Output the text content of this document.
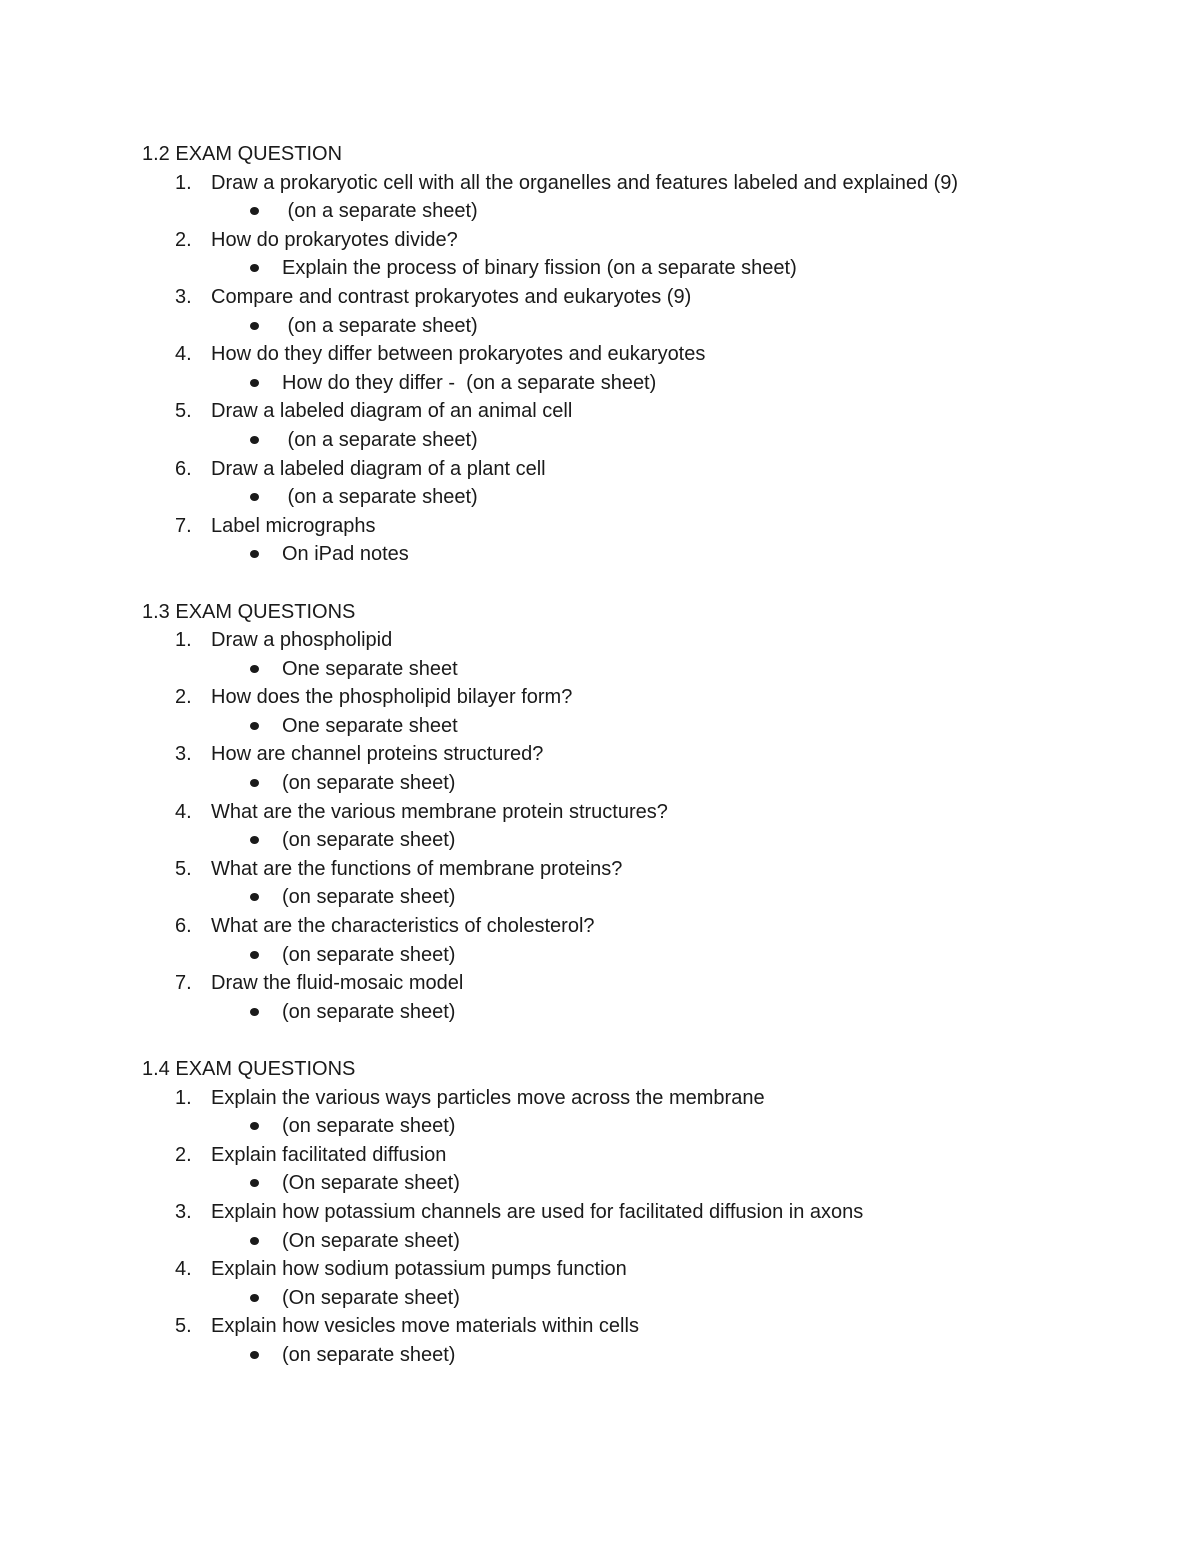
1.2 EXAM QUESTION
1. Draw a prokaryotic cell with all the organelles and features labeled and explained (9)
(on a separate sheet)
2. How do prokaryotes divide?
Explain the process of binary fission (on a separate sheet)
3. Compare and contrast prokaryotes and eukaryotes (9)
(on a separate sheet)
4. How do they differ between prokaryotes and eukaryotes
How do they differ -  (on a separate sheet)
5. Draw a labeled diagram of an animal cell
(on a separate sheet)
6. Draw a labeled diagram of a plant cell
(on a separate sheet)
7. Label micrographs
On iPad notes
1.3 EXAM QUESTIONS
1. Draw a phospholipid
One separate sheet
2. How does the phospholipid bilayer form?
One separate sheet
3. How are channel proteins structured?
(on separate sheet)
4. What are the various membrane protein structures?
(on separate sheet)
5. What are the functions of membrane proteins?
(on separate sheet)
6. What are the characteristics of cholesterol?
(on separate sheet)
7. Draw the fluid-mosaic model
(on separate sheet)
1.4 EXAM QUESTIONS
1. Explain the various ways particles move across the membrane
(on separate sheet)
2. Explain facilitated diffusion
(On separate sheet)
3. Explain how potassium channels are used for facilitated diffusion in axons
(On separate sheet)
4. Explain how sodium potassium pumps function
(On separate sheet)
5. Explain how vesicles move materials within cells
(on separate sheet)
